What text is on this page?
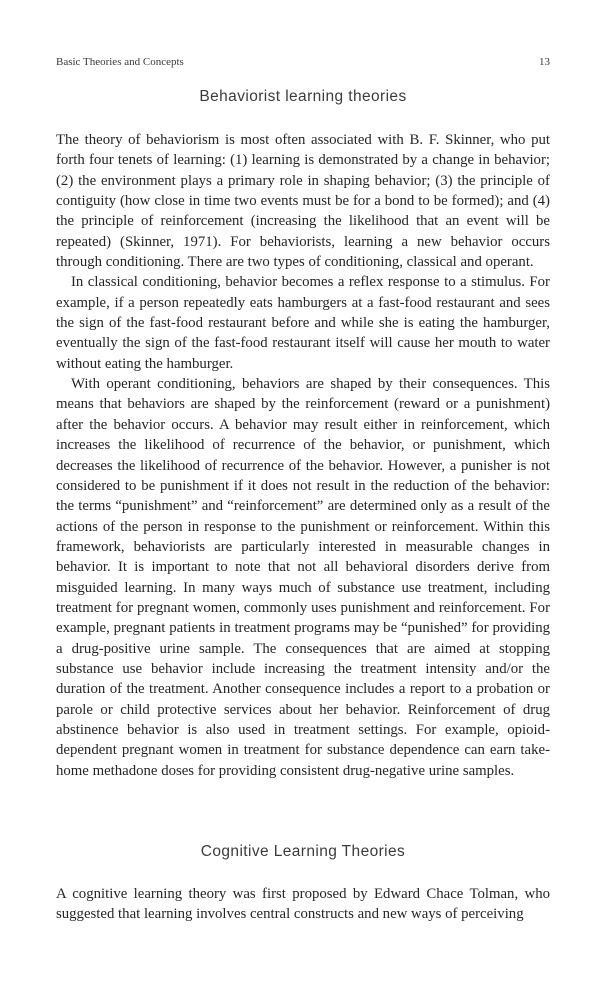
Basic Theories and Concepts	13
Behaviorist learning theories

The theory of behaviorism is most often associated with B. F. Skinner, who put forth four tenets of learning: (1) learning is demonstrated by a change in behavior; (2) the environment plays a primary role in shaping behavior; (3) the principle of contiguity (how close in time two events must be for a bond to be formed); and (4) the principle of reinforcement (increasing the likelihood that an event will be repeated) (Skinner, 1971). For behaviorists, learning a new behavior occurs through conditioning. There are two types of conditioning, classical and operant.

In classical conditioning, behavior becomes a reflex response to a stimulus. For example, if a person repeatedly eats hamburgers at a fast-food restaurant and sees the sign of the fast-food restaurant before and while she is eating the hamburger, eventually the sign of the fast-food restaurant itself will cause her mouth to water without eating the hamburger.

With operant conditioning, behaviors are shaped by their consequences. This means that behaviors are shaped by the reinforcement (reward or a punishment) after the behavior occurs. A behavior may result either in reinforcement, which increases the likelihood of recurrence of the behavior, or punishment, which decreases the likelihood of recurrence of the behavior. However, a punisher is not considered to be punishment if it does not result in the reduction of the behavior: the terms “punishment” and “reinforcement” are determined only as a result of the actions of the person in response to the punishment or reinforcement. Within this framework, behaviorists are particularly interested in measurable changes in behavior. It is important to note that not all behavioral disorders derive from misguided learning. In many ways much of substance use treatment, including treatment for pregnant women, commonly uses punishment and reinforcement. For example, pregnant patients in treatment programs may be “punished” for providing a drug-positive urine sample. The consequences that are aimed at stopping substance use behavior include increasing the treatment intensity and/or the duration of the treatment. Another consequence includes a report to a probation or parole or child protective services about her behavior. Reinforcement of drug abstinence behavior is also used in treatment settings. For example, opioid-dependent pregnant women in treatment for substance dependence can earn take-home methadone doses for providing consistent drug-negative urine samples.

Cognitive Learning Theories

A cognitive learning theory was first proposed by Edward Chace Tolman, who suggested that learning involves central constructs and new ways of perceiving
